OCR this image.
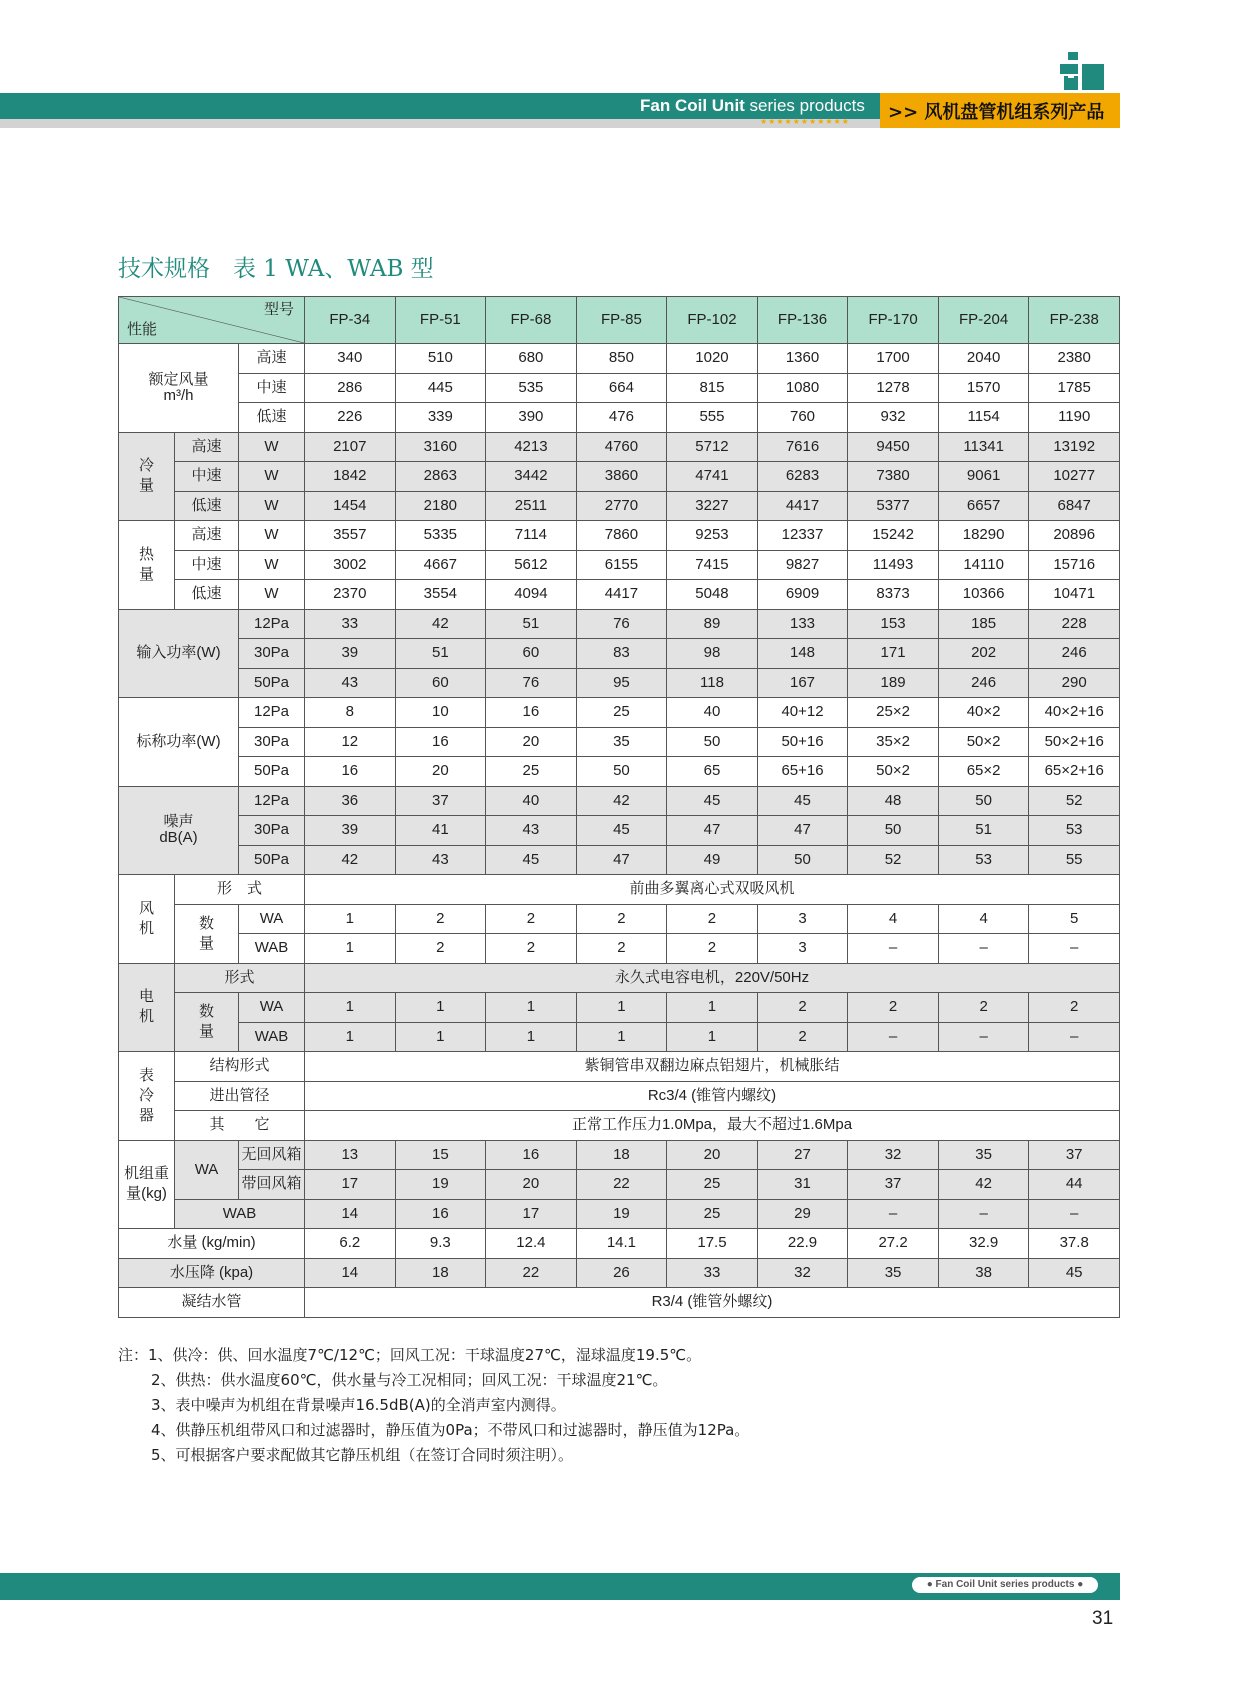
Fan Coil Unit series products
★★★★★★★★★★★	>> 风机盘管机组系列产品
技术规格　表 1 WA、WAB 型
型号
性能			FP-34	FP-51	FP-68	FP-85	FP-102	FP-136	FP-170	FP-204	FP-238

额定风量
m³/h		高速	340	510	680	850	1020	1360	1700	2040	2380
		中速	286	445	535	664	815	1080	1278	1570	1785
		低速	226	339	390	476	555	760	932	1154	1190
冷量	高速	W	2107	3160	4213	4760	5712	7616	9450	11341	13192
	中速	W	1842	2863	3442	3860	4741	6283	7380	9061	10277
	低速	W	1454	2180	2511	2770	3227	4417	5377	6657	6847
热量	高速	W	3557	5335	7114	7860	9253	12337	15242	18290	20896
	中速	W	3002	4667	5612	6155	7415	9827	11493	14110	15716
	低速	W	2370	3554	4094	4417	5048	6909	8373	10366	10471
输入功率(W)		12Pa	33	42	51	76	89	133	153	185	228
		30Pa	39	51	60	83	98	148	171	202	246
		50Pa	43	60	76	95	118	167	189	246	290
标称功率(W)		12Pa	8	10	16	25	40	40+12	25×2	40×2	40×2+16
		30Pa	12	16	20	35	50	50+16	35×2	50×2	50×2+16
		50Pa	16	20	25	50	65	65+16	50×2	65×2	65×2+16

噪声
dB(A)		12Pa	36	37	40	42	45	45	48	50	52
		30Pa	39	41	43	45	47	47	50	51	53
		50Pa	42	43	45	47	49	50	52	53	55
风机	形　式		前曲多翼离心式双吸风机								
	数量	WA	1	2	2	2	2	3	4	4	5
		WAB	1	2	2	2	2	3	–	–	–
电机	形式		永久式电容电机，220V/50Hz								
	数量	WA	1	1	1	1	1	2	2	2	2
		WAB	1	1	1	1	1	2	–	–	–
表冷器	结构形式		紫铜管串双翻边麻点铝翅片，机械胀结								
	进出管径		Rc3/4 (锥管内螺纹)								
	其　　它		正常工作压力1.0Mpa，最大不超过1.6Mpa								
机组重量(kg)	WA	无回风箱	13	15	16	18	20	27	32	35	37
		带回风箱	17	19	20	22	25	31	37	42	44
	WAB		14	16	17	19	25	29	–	–	–
水量 (kg/min)			6.2	9.3	12.4	14.1	17.5	22.9	27.2	32.9	37.8
水压降 (kpa)			14	18	22	26	33	32	35	38	45
凝结水管			R3/4 (锥管外螺纹)								
注：1、供冷：供、回水温度7℃/12℃；回风工况：干球温度27℃，湿球温度19.5℃。
2、供热：供水温度60℃，供水量与冷工况相同；回风工况：干球温度21℃。
3、表中噪声为机组在背景噪声16.5dB(A)的全消声室内测得。
4、供静压机组带风口和过滤器时，静压值为0Pa；不带风口和过滤器时，静压值为12Pa。
5、可根据客户要求配做其它静压机组（在签订合同时须注明）。
● Fan Coil Unit series products ●
31
